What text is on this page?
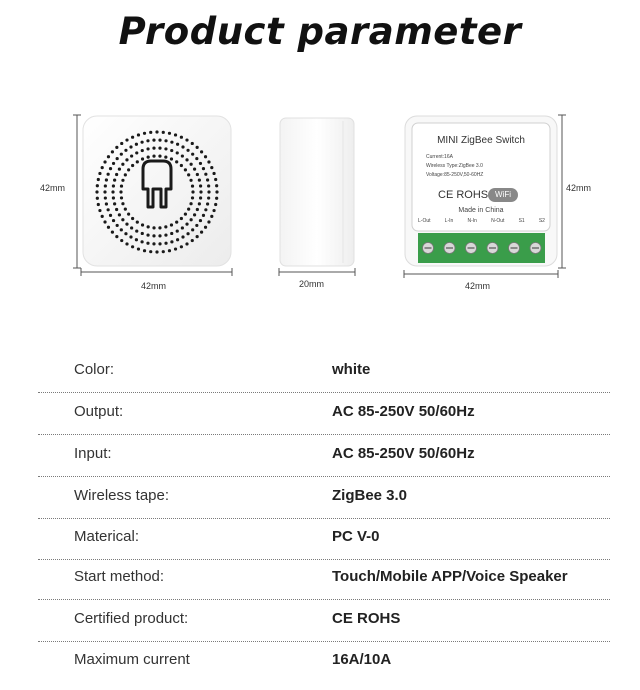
Product parameter
42mm
42mm	20mm	42mm
42mm
MINI ZigBee Switch
Current:16A
Wireless Type:ZigBee 3.0
Voltage:85-250V,50-60HZ
CE ROHS WiFi
Made in China
L-Out	L-In	N-In	N-Out	S1	S2
Color:	white
Output:	AC 85-250V 50/60Hz
Input:	AC 85-250V 50/60Hz
Wireless tape:	ZigBee 3.0
Materical:	PC V-0
Start method:	Touch/Mobile APP/Voice Speaker
Certified product:	CE ROHS
Maximum current	16A/10A
